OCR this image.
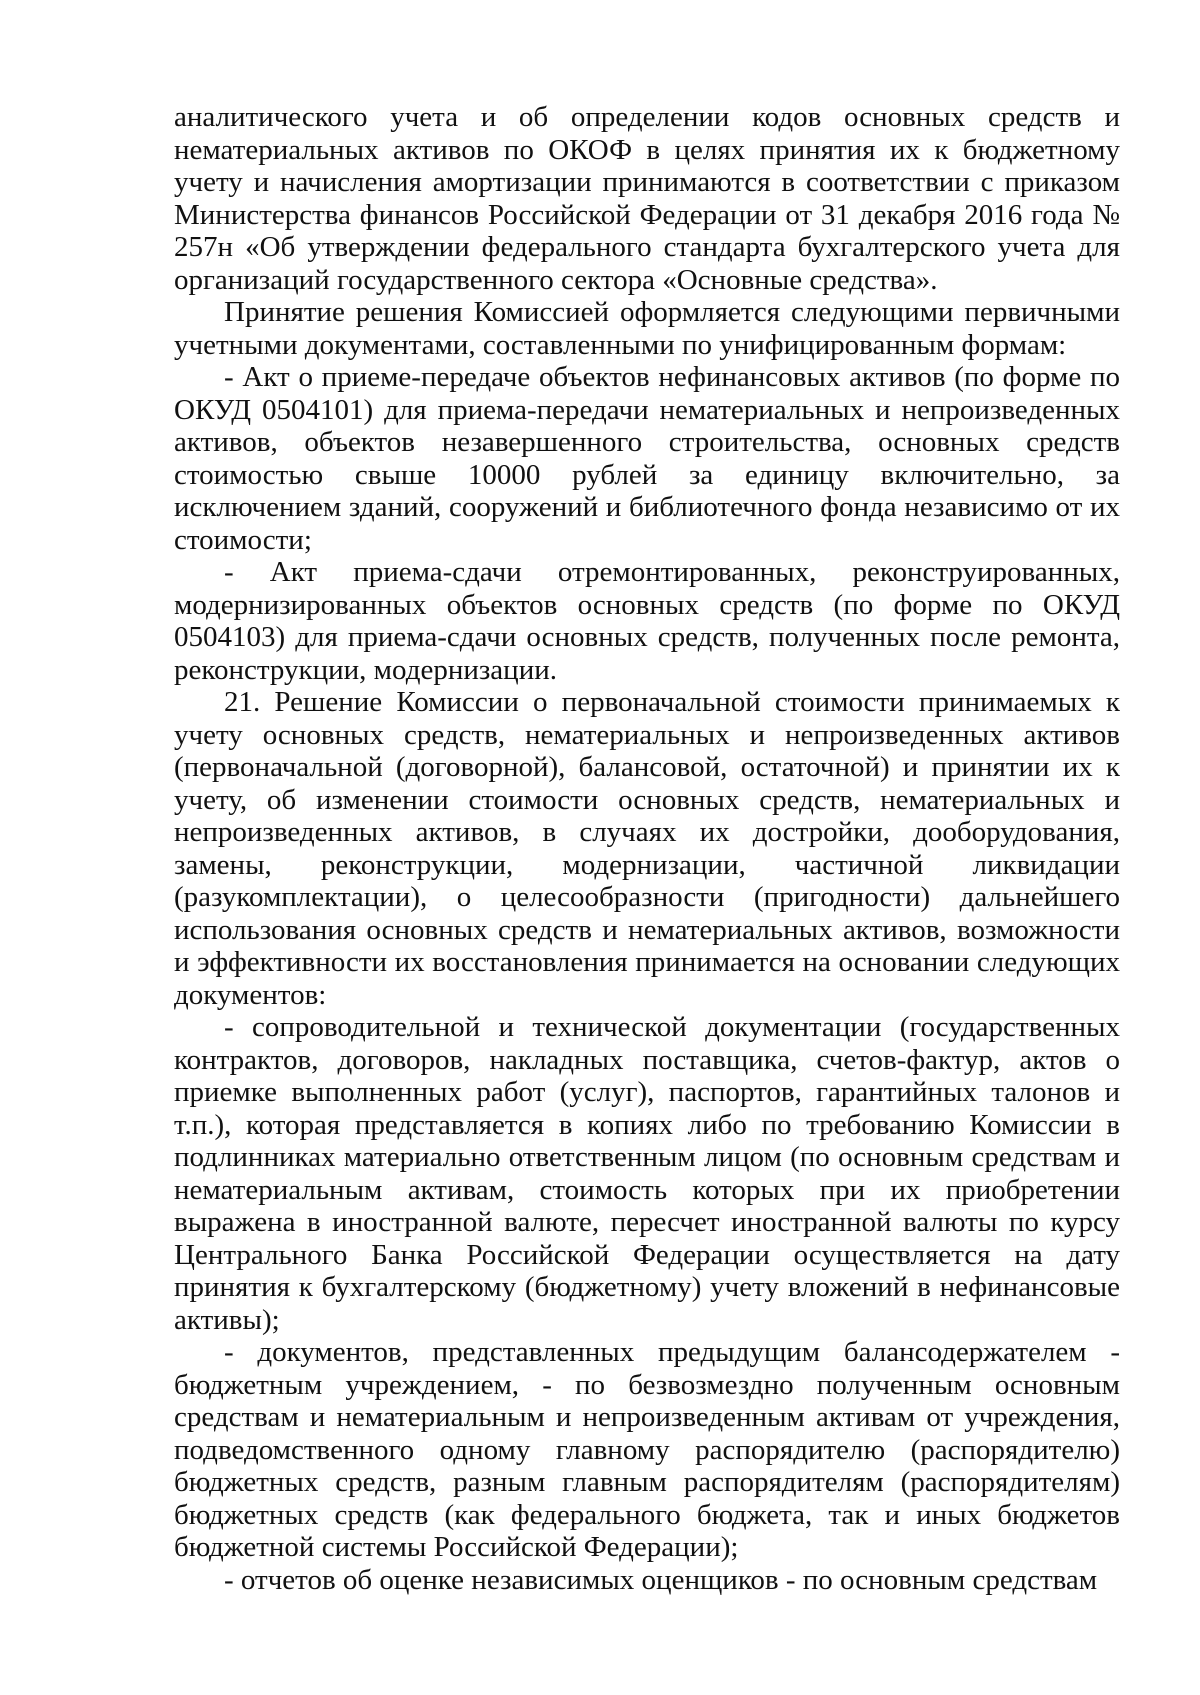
аналитического учета и об определении кодов основных средств и нематериальных активов по ОКОФ в целях принятия их к бюджетному учету и начисления амортизации принимаются в соответствии с приказом Министерства финансов Российской Федерации от 31 декабря 2016 года № 257н «Об утверждении федерального стандарта бухгалтерского учета для организаций государственного сектора «Основные средства».

Принятие решения Комиссией оформляется следующими первичными учетными документами, составленными по унифицированным формам:

- Акт о приеме-передаче объектов нефинансовых активов (по форме по ОКУД 0504101) для приема-передачи нематериальных и непроизведенных активов, объектов незавершенного строительства, основных средств стоимостью свыше 10000 рублей за единицу включительно, за исключением зданий, сооружений и библиотечного фонда независимо от их стоимости;

- Акт приема-сдачи отремонтированных, реконструированных, модернизированных объектов основных средств (по форме по ОКУД 0504103) для приема-сдачи основных средств, полученных после ремонта, реконструкции, модернизации.

21. Решение Комиссии о первоначальной стоимости принимаемых к учету основных средств, нематериальных и непроизведенных активов (первоначальной (договорной), балансовой, остаточной) и принятии их к учету, об изменении стоимости основных средств, нематериальных и непроизведенных активов, в случаях их достройки, дооборудования, замены, реконструкции, модернизации, частичной ликвидации (разукомплектации), о целесообразности (пригодности) дальнейшего использования основных средств и нематериальных активов, возможности и эффективности их восстановления принимается на основании следующих документов:

- сопроводительной и технической документации (государственных контрактов, договоров, накладных поставщика, счетов-фактур, актов о приемке выполненных работ (услуг), паспортов, гарантийных талонов и т.п.), которая представляется в копиях либо по требованию Комиссии в подлинниках материально ответственным лицом (по основным средствам и нематериальным активам, стоимость которых при их приобретении выражена в иностранной валюте, пересчет иностранной валюты по курсу Центрального Банка Российской Федерации осуществляется на дату принятия к бухгалтерскому (бюджетному) учету вложений в нефинансовые активы);

- документов, представленных предыдущим балансодержателем - бюджетным учреждением, - по безвозмездно полученным основным средствам и нематериальным и непроизведенным активам от учреждения, подведомственного одному главному распорядителю (распорядителю) бюджетных средств, разным главным распорядителям (распорядителям) бюджетных средств (как федерального бюджета, так и иных бюджетов бюджетной системы Российской Федерации);

- отчетов об оценке независимых оценщиков - по основным средствам
